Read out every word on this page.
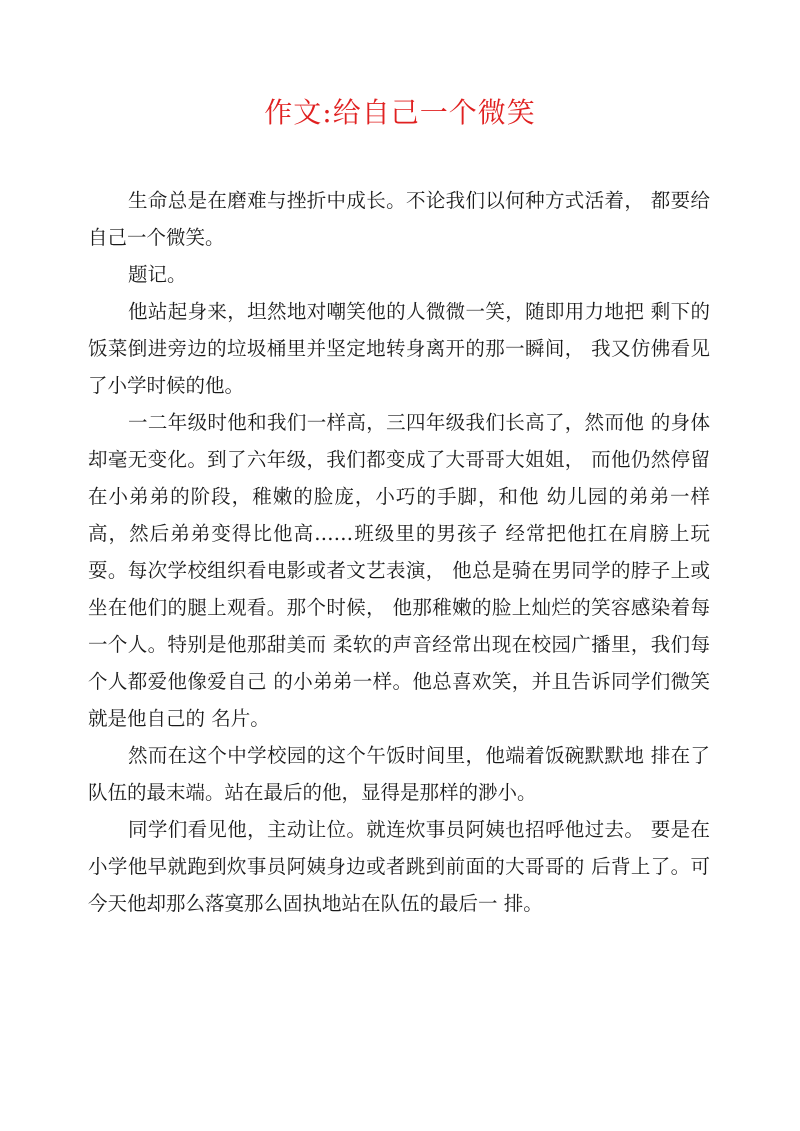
作文:给自己一个微笑

生命总是在磨难与挫折中成长。不论我们以何种方式活着， 都要给自己一个微笑。

题记。

他站起身来，坦然地对嘲笑他的人微微一笑，随即用力地把 剩下的饭菜倒进旁边的垃圾桶里并坚定地转身离开的那一瞬间， 我又仿佛看见了小学时候的他。

一二年级时他和我们一样高，三四年级我们长高了，然而他 的身体却毫无变化。到了六年级，我们都变成了大哥哥大姐姐， 而他仍然停留在小弟弟的阶段，稚嫩的脸庞，小巧的手脚，和他 幼儿园的弟弟一样高，然后弟弟变得比他高……班级里的男孩子 经常把他扛在肩膀上玩耍。每次学校组织看电影或者文艺表演， 他总是骑在男同学的脖子上或坐在他们的腿上观看。那个时候， 他那稚嫩的脸上灿烂的笑容感染着每一个人。特别是他那甜美而 柔软的声音经常出现在校园广播里，我们每个人都爱他像爱自己 的小弟弟一样。他总喜欢笑，并且告诉同学们微笑就是他自己的 名片。

然而在这个中学校园的这个午饭时间里，他端着饭碗默默地 排在了队伍的最末端。站在最后的他，显得是那样的渺小。

同学们看见他，主动让位。就连炊事员阿姨也招呼他过去。 要是在小学他早就跑到炊事员阿姨身边或者跳到前面的大哥哥的 后背上了。可今天他却那么落寞那么固执地站在队伍的最后一 排。
